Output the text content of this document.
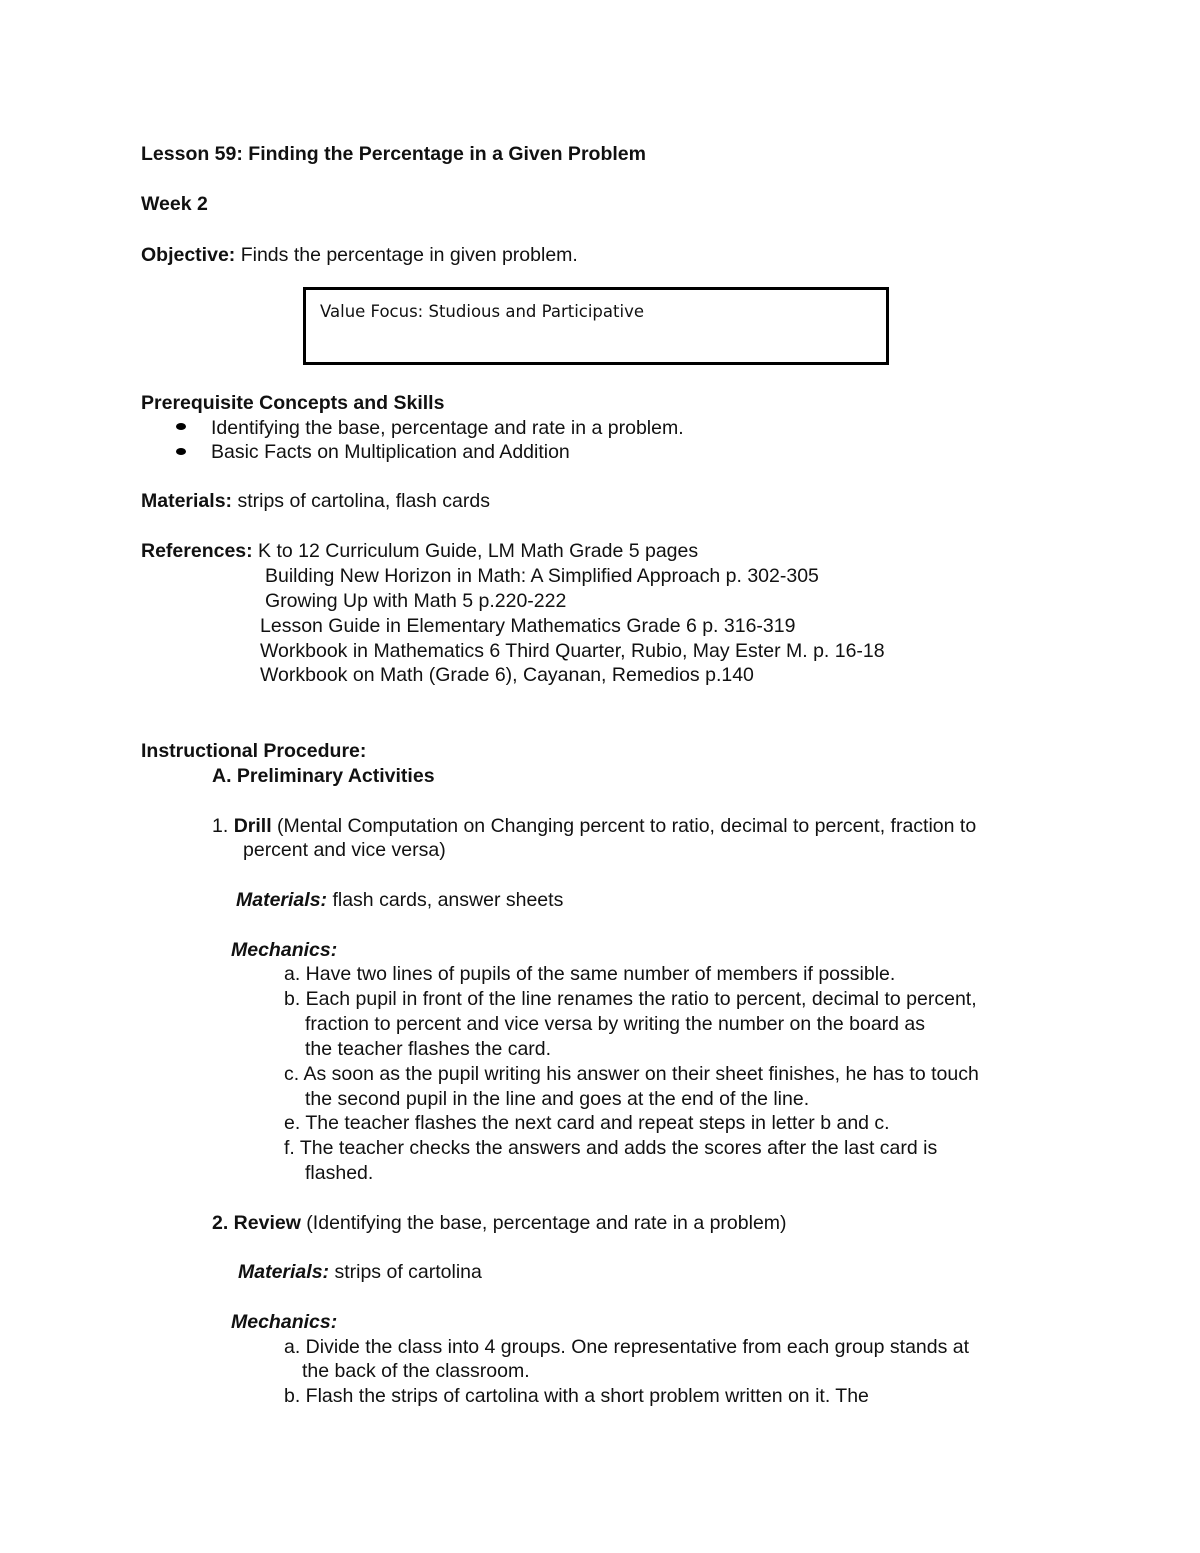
Lesson 59: Finding the Percentage in a Given Problem
Week 2
Objective: Finds the percentage in given problem.
Value Focus: Studious and Participative
Prerequisite Concepts and Skills
Identifying the base, percentage and rate in a problem.
Basic Facts on Multiplication and Addition
Materials: strips of cartolina, flash cards
References: K to 12 Curriculum Guide, LM Math Grade 5 pages
Building New Horizon in Math: A Simplified Approach p. 302-305
Growing Up with Math 5 p.220-222
Lesson Guide in Elementary Mathematics Grade 6 p. 316-319
Workbook in Mathematics 6 Third Quarter, Rubio, May Ester M. p. 16-18
Workbook on Math (Grade 6), Cayanan, Remedios p.140
Instructional Procedure:
A. Preliminary Activities
1. Drill (Mental Computation on Changing percent to ratio, decimal to percent, fraction to
percent and vice versa)
Materials: flash cards, answer sheets
Mechanics:
a. Have two lines of pupils of the same number of members if possible.
b. Each pupil in front of the line renames the ratio to percent, decimal to percent,
fraction to percent and vice versa by writing the number on the board as
the teacher flashes the card.
c. As soon as the pupil writing his answer on their sheet finishes, he has to touch
the second pupil in the line and goes at the end of the line.
e. The teacher flashes the next card and repeat steps in letter b and c.
f. The teacher checks the answers and adds the scores after the last card is
flashed.
2. Review (Identifying the base, percentage and rate in a problem)
Materials: strips of cartolina
Mechanics:
a. Divide the class into 4 groups. One representative from each group stands at
the back of the classroom.
b. Flash the strips of cartolina with a short problem written on it. The
